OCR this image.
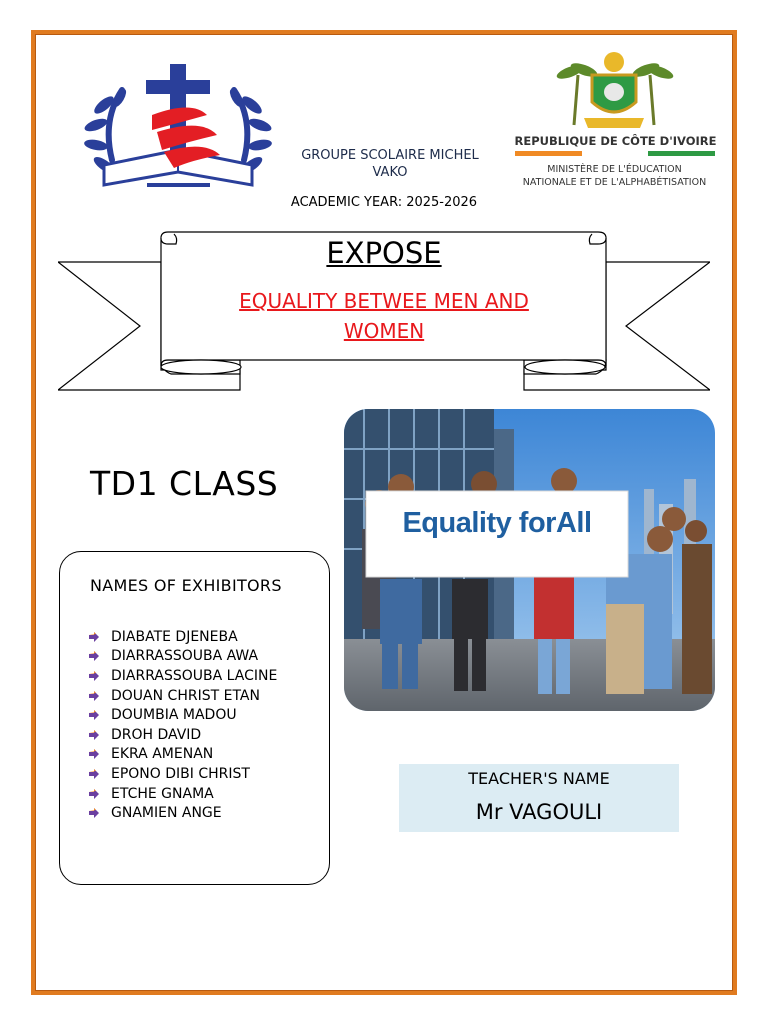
REPUBLIQUE DE CÔTE D'IVOIRE
MINISTÈRE DE L'ÉDUCATION
NATIONALE ET DE L'ALPHABÉTISATION
GROUPE SCOLAIRE MICHEL VAKO
ACADEMIC YEAR: 2025-2026
EXPOSE
EQUALITY BETWEE MEN AND WOMEN
TD1 CLASS
Equality forAll
NAMES OF EXHIBITORS
DIABATE DJENEBA
DIARRASSOUBA AWA
DIARRASSOUBA LACINE
DOUAN CHRIST ETAN
DOUMBIA MADOU
DROH DAVID
EKRA AMENAN
EPONO DIBI CHRIST
ETCHE GNAMA
GNAMIEN ANGE
TEACHER'S NAME
Mr VAGOULI
